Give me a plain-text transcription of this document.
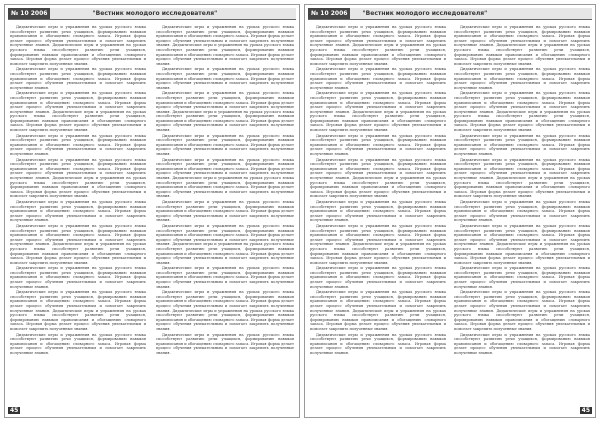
№ 10 2006	"Вестник молодого исследователя"

Дидактические игры и упражнения на уроках русского языка способствуют развитию речи учащихся, формированию навыков правописания и обогащению словарного запаса. Игровая форма делает процесс обучения увлекательным и помогает закрепить полученные знания. Дидактические игры и упражнения на уроках русского языка способствуют развитию речи учащихся, формированию навыков правописания и обогащению словарного запаса. Игровая форма делает процесс обучения увлекательным и помогает закрепить полученные знания.

Дидактические игры и упражнения на уроках русского языка способствуют развитию речи учащихся, формированию навыков правописания и обогащению словарного запаса. Игровая форма делает процесс обучения увлекательным и помогает закрепить полученные знания.

Дидактические игры и упражнения на уроках русского языка способствуют развитию речи учащихся, формированию навыков правописания и обогащению словарного запаса. Игровая форма делает процесс обучения увлекательным и помогает закрепить полученные знания. Дидактические игры и упражнения на уроках русского языка способствуют развитию речи учащихся, формированию навыков правописания и обогащению словарного запаса. Игровая форма делает процесс обучения увлекательным и помогает закрепить полученные знания.

Дидактические игры и упражнения на уроках русского языка способствуют развитию речи учащихся, формированию навыков правописания и обогащению словарного запаса. Игровая форма делает процесс обучения увлекательным и помогает закрепить полученные знания.

Дидактические игры и упражнения на уроках русского языка способствуют развитию речи учащихся, формированию навыков правописания и обогащению словарного запаса. Игровая форма делает процесс обучения увлекательным и помогает закрепить полученные знания. Дидактические игры и упражнения на уроках русского языка способствуют развитию речи учащихся, формированию навыков правописания и обогащению словарного запаса. Игровая форма делает процесс обучения увлекательным и помогает закрепить полученные знания.

Дидактические игры и упражнения на уроках русского языка способствуют развитию речи учащихся, формированию навыков правописания и обогащению словарного запаса. Игровая форма делает процесс обучения увлекательным и помогает закрепить полученные знания.

Дидактические игры и упражнения на уроках русского языка способствуют развитию речи учащихся, формированию навыков правописания и обогащению словарного запаса. Игровая форма делает процесс обучения увлекательным и помогает закрепить полученные знания. Дидактические игры и упражнения на уроках русского языка способствуют развитию речи учащихся, формированию навыков правописания и обогащению словарного запаса. Игровая форма делает процесс обучения увлекательным и помогает закрепить полученные знания.

Дидактические игры и упражнения на уроках русского языка способствуют развитию речи учащихся, формированию навыков правописания и обогащению словарного запаса. Игровая форма делает процесс обучения увлекательным и помогает закрепить полученные знания.

Дидактические игры и упражнения на уроках русского языка способствуют развитию речи учащихся, формированию навыков правописания и обогащению словарного запаса. Игровая форма делает процесс обучения увлекательным и помогает закрепить полученные знания. Дидактические игры и упражнения на уроках русского языка способствуют развитию речи учащихся, формированию навыков правописания и обогащению словарного запаса. Игровая форма делает процесс обучения увлекательным и помогает закрепить полученные знания.

Дидактические игры и упражнения на уроках русского языка способствуют развитию речи учащихся, формированию навыков правописания и обогащению словарного запаса. Игровая форма делает процесс обучения увлекательным и помогает закрепить полученные знания.

Дидактические игры и упражнения на уроках русского языка способствуют развитию речи учащихся, формированию навыков правописания и обогащению словарного запаса. Игровая форма делает процесс обучения увлекательным и помогает закрепить полученные знания. Дидактические игры и упражнения на уроках русского языка способствуют развитию речи учащихся, формированию навыков правописания и обогащению словарного запаса. Игровая форма делает процесс обучения увлекательным и помогает закрепить полученные знания.

Дидактические игры и упражнения на уроках русского языка способствуют развитию речи учащихся, формированию навыков правописания и обогащению словарного запаса. Игровая форма делает процесс обучения увлекательным и помогает закрепить полученные знания.

Дидактические игры и упражнения на уроках русского языка способствуют развитию речи учащихся, формированию навыков правописания и обогащению словарного запаса. Игровая форма делает процесс обучения увлекательным и помогает закрепить полученные знания. Дидактические игры и упражнения на уроках русского языка способствуют развитию речи учащихся, формированию навыков правописания и обогащению словарного запаса. Игровая форма делает процесс обучения увлекательным и помогает закрепить полученные знания.

Дидактические игры и упражнения на уроках русского языка способствуют развитию речи учащихся, формированию навыков правописания и обогащению словарного запаса. Игровая форма делает процесс обучения увлекательным и помогает закрепить полученные знания.

Дидактические игры и упражнения на уроках русского языка способствуют развитию речи учащихся, формированию навыков правописания и обогащению словарного запаса. Игровая форма делает процесс обучения увлекательным и помогает закрепить полученные знания. Дидактические игры и упражнения на уроках русского языка способствуют развитию речи учащихся, формированию навыков правописания и обогащению словарного запаса. Игровая форма делает процесс обучения увлекательным и помогает закрепить полученные знания.

Дидактические игры и упражнения на уроках русского языка способствуют развитию речи учащихся, формированию навыков правописания и обогащению словарного запаса. Игровая форма делает процесс обучения увлекательным и помогает закрепить полученные знания.

Дидактические игры и упражнения на уроках русского языка способствуют развитию речи учащихся, формированию навыков правописания и обогащению словарного запаса. Игровая форма делает процесс обучения увлекательным и помогает закрепить полученные знания. Дидактические игры и упражнения на уроках русского языка способствуют развитию речи учащихся, формированию навыков правописания и обогащению словарного запаса. Игровая форма делает процесс обучения увлекательным и помогает закрепить полученные знания.

Дидактические игры и упражнения на уроках русского языка способствуют развитию речи учащихся, формированию навыков правописания и обогащению словарного запаса. Игровая форма делает процесс обучения увлекательным и помогает закрепить полученные знания.

Дидактические игры и упражнения на уроках русского языка способствуют развитию речи учащихся, формированию навыков правописания и обогащению словарного запаса. Игровая форма делает процесс обучения увлекательным и помогает закрепить полученные знания. Дидактические игры и упражнения на уроках русского языка способствуют развитию речи учащихся, формированию навыков правописания и обогащению словарного запаса. Игровая форма делает процесс обучения увлекательным и помогает закрепить полученные знания.

Дидактические игры и упражнения на уроках русского языка способствуют развитию речи учащихся, формированию навыков правописания и обогащению словарного запаса. Игровая форма делает процесс обучения увлекательным и помогает закрепить полученные знания.

45
№ 10 2006	"Вестник молодого исследователя"

Дидактические игры и упражнения на уроках русского языка способствуют развитию речи учащихся, формированию навыков правописания и обогащению словарного запаса. Игровая форма делает процесс обучения увлекательным и помогает закрепить полученные знания. Дидактические игры и упражнения на уроках русского языка способствуют развитию речи учащихся, формированию навыков правописания и обогащению словарного запаса. Игровая форма делает процесс обучения увлекательным и помогает закрепить полученные знания.

Дидактические игры и упражнения на уроках русского языка способствуют развитию речи учащихся, формированию навыков правописания и обогащению словарного запаса. Игровая форма делает процесс обучения увлекательным и помогает закрепить полученные знания.

Дидактические игры и упражнения на уроках русского языка способствуют развитию речи учащихся, формированию навыков правописания и обогащению словарного запаса. Игровая форма делает процесс обучения увлекательным и помогает закрепить полученные знания. Дидактические игры и упражнения на уроках русского языка способствуют развитию речи учащихся, формированию навыков правописания и обогащению словарного запаса. Игровая форма делает процесс обучения увлекательным и помогает закрепить полученные знания.

Дидактические игры и упражнения на уроках русского языка способствуют развитию речи учащихся, формированию навыков правописания и обогащению словарного запаса. Игровая форма делает процесс обучения увлекательным и помогает закрепить полученные знания.

Дидактические игры и упражнения на уроках русского языка способствуют развитию речи учащихся, формированию навыков правописания и обогащению словарного запаса. Игровая форма делает процесс обучения увлекательным и помогает закрепить полученные знания. Дидактические игры и упражнения на уроках русского языка способствуют развитию речи учащихся, формированию навыков правописания и обогащению словарного запаса. Игровая форма делает процесс обучения увлекательным и помогает закрепить полученные знания.

Дидактические игры и упражнения на уроках русского языка способствуют развитию речи учащихся, формированию навыков правописания и обогащению словарного запаса. Игровая форма делает процесс обучения увлекательным и помогает закрепить полученные знания.

Дидактические игры и упражнения на уроках русского языка способствуют развитию речи учащихся, формированию навыков правописания и обогащению словарного запаса. Игровая форма делает процесс обучения увлекательным и помогает закрепить полученные знания. Дидактические игры и упражнения на уроках русского языка способствуют развитию речи учащихся, формированию навыков правописания и обогащению словарного запаса. Игровая форма делает процесс обучения увлекательным и помогает закрепить полученные знания.

Дидактические игры и упражнения на уроках русского языка способствуют развитию речи учащихся, формированию навыков правописания и обогащению словарного запаса. Игровая форма делает процесс обучения увлекательным и помогает закрепить полученные знания.

Дидактические игры и упражнения на уроках русского языка способствуют развитию речи учащихся, формированию навыков правописания и обогащению словарного запаса. Игровая форма делает процесс обучения увлекательным и помогает закрепить полученные знания. Дидактические игры и упражнения на уроках русского языка способствуют развитию речи учащихся, формированию навыков правописания и обогащению словарного запаса. Игровая форма делает процесс обучения увлекательным и помогает закрепить полученные знания.

Дидактические игры и упражнения на уроках русского языка способствуют развитию речи учащихся, формированию навыков правописания и обогащению словарного запаса. Игровая форма делает процесс обучения увлекательным и помогает закрепить полученные знания.

Дидактические игры и упражнения на уроках русского языка способствуют развитию речи учащихся, формированию навыков правописания и обогащению словарного запаса. Игровая форма делает процесс обучения увлекательным и помогает закрепить полученные знания. Дидактические игры и упражнения на уроках русского языка способствуют развитию речи учащихся, формированию навыков правописания и обогащению словарного запаса. Игровая форма делает процесс обучения увлекательным и помогает закрепить полученные знания.

Дидактические игры и упражнения на уроках русского языка способствуют развитию речи учащихся, формированию навыков правописания и обогащению словарного запаса. Игровая форма делает процесс обучения увлекательным и помогает закрепить полученные знания.

Дидактические игры и упражнения на уроках русского языка способствуют развитию речи учащихся, формированию навыков правописания и обогащению словарного запаса. Игровая форма делает процесс обучения увлекательным и помогает закрепить полученные знания. Дидактические игры и упражнения на уроках русского языка способствуют развитию речи учащихся, формированию навыков правописания и обогащению словарного запаса. Игровая форма делает процесс обучения увлекательным и помогает закрепить полученные знания.

Дидактические игры и упражнения на уроках русского языка способствуют развитию речи учащихся, формированию навыков правописания и обогащению словарного запаса. Игровая форма делает процесс обучения увлекательным и помогает закрепить полученные знания.

Дидактические игры и упражнения на уроках русского языка способствуют развитию речи учащихся, формированию навыков правописания и обогащению словарного запаса. Игровая форма делает процесс обучения увлекательным и помогает закрепить полученные знания. Дидактические игры и упражнения на уроках русского языка способствуют развитию речи учащихся, формированию навыков правописания и обогащению словарного запаса. Игровая форма делает процесс обучения увлекательным и помогает закрепить полученные знания.

Дидактические игры и упражнения на уроках русского языка способствуют развитию речи учащихся, формированию навыков правописания и обогащению словарного запаса. Игровая форма делает процесс обучения увлекательным и помогает закрепить полученные знания.

Дидактические игры и упражнения на уроках русского языка способствуют развитию речи учащихся, формированию навыков правописания и обогащению словарного запаса. Игровая форма делает процесс обучения увлекательным и помогает закрепить полученные знания. Дидактические игры и упражнения на уроках русского языка способствуют развитию речи учащихся, формированию навыков правописания и обогащению словарного запаса. Игровая форма делает процесс обучения увлекательным и помогает закрепить полученные знания.

Дидактические игры и упражнения на уроках русского языка способствуют развитию речи учащихся, формированию навыков правописания и обогащению словарного запаса. Игровая форма делает процесс обучения увлекательным и помогает закрепить полученные знания.

Дидактические игры и упражнения на уроках русского языка способствуют развитию речи учащихся, формированию навыков правописания и обогащению словарного запаса. Игровая форма делает процесс обучения увлекательным и помогает закрепить полученные знания. Дидактические игры и упражнения на уроках русского языка способствуют развитию речи учащихся, формированию навыков правописания и обогащению словарного запаса. Игровая форма делает процесс обучения увлекательным и помогает закрепить полученные знания.

Дидактические игры и упражнения на уроках русского языка способствуют развитию речи учащихся, формированию навыков правописания и обогащению словарного запаса. Игровая форма делает процесс обучения увлекательным и помогает закрепить полученные знания.

45
